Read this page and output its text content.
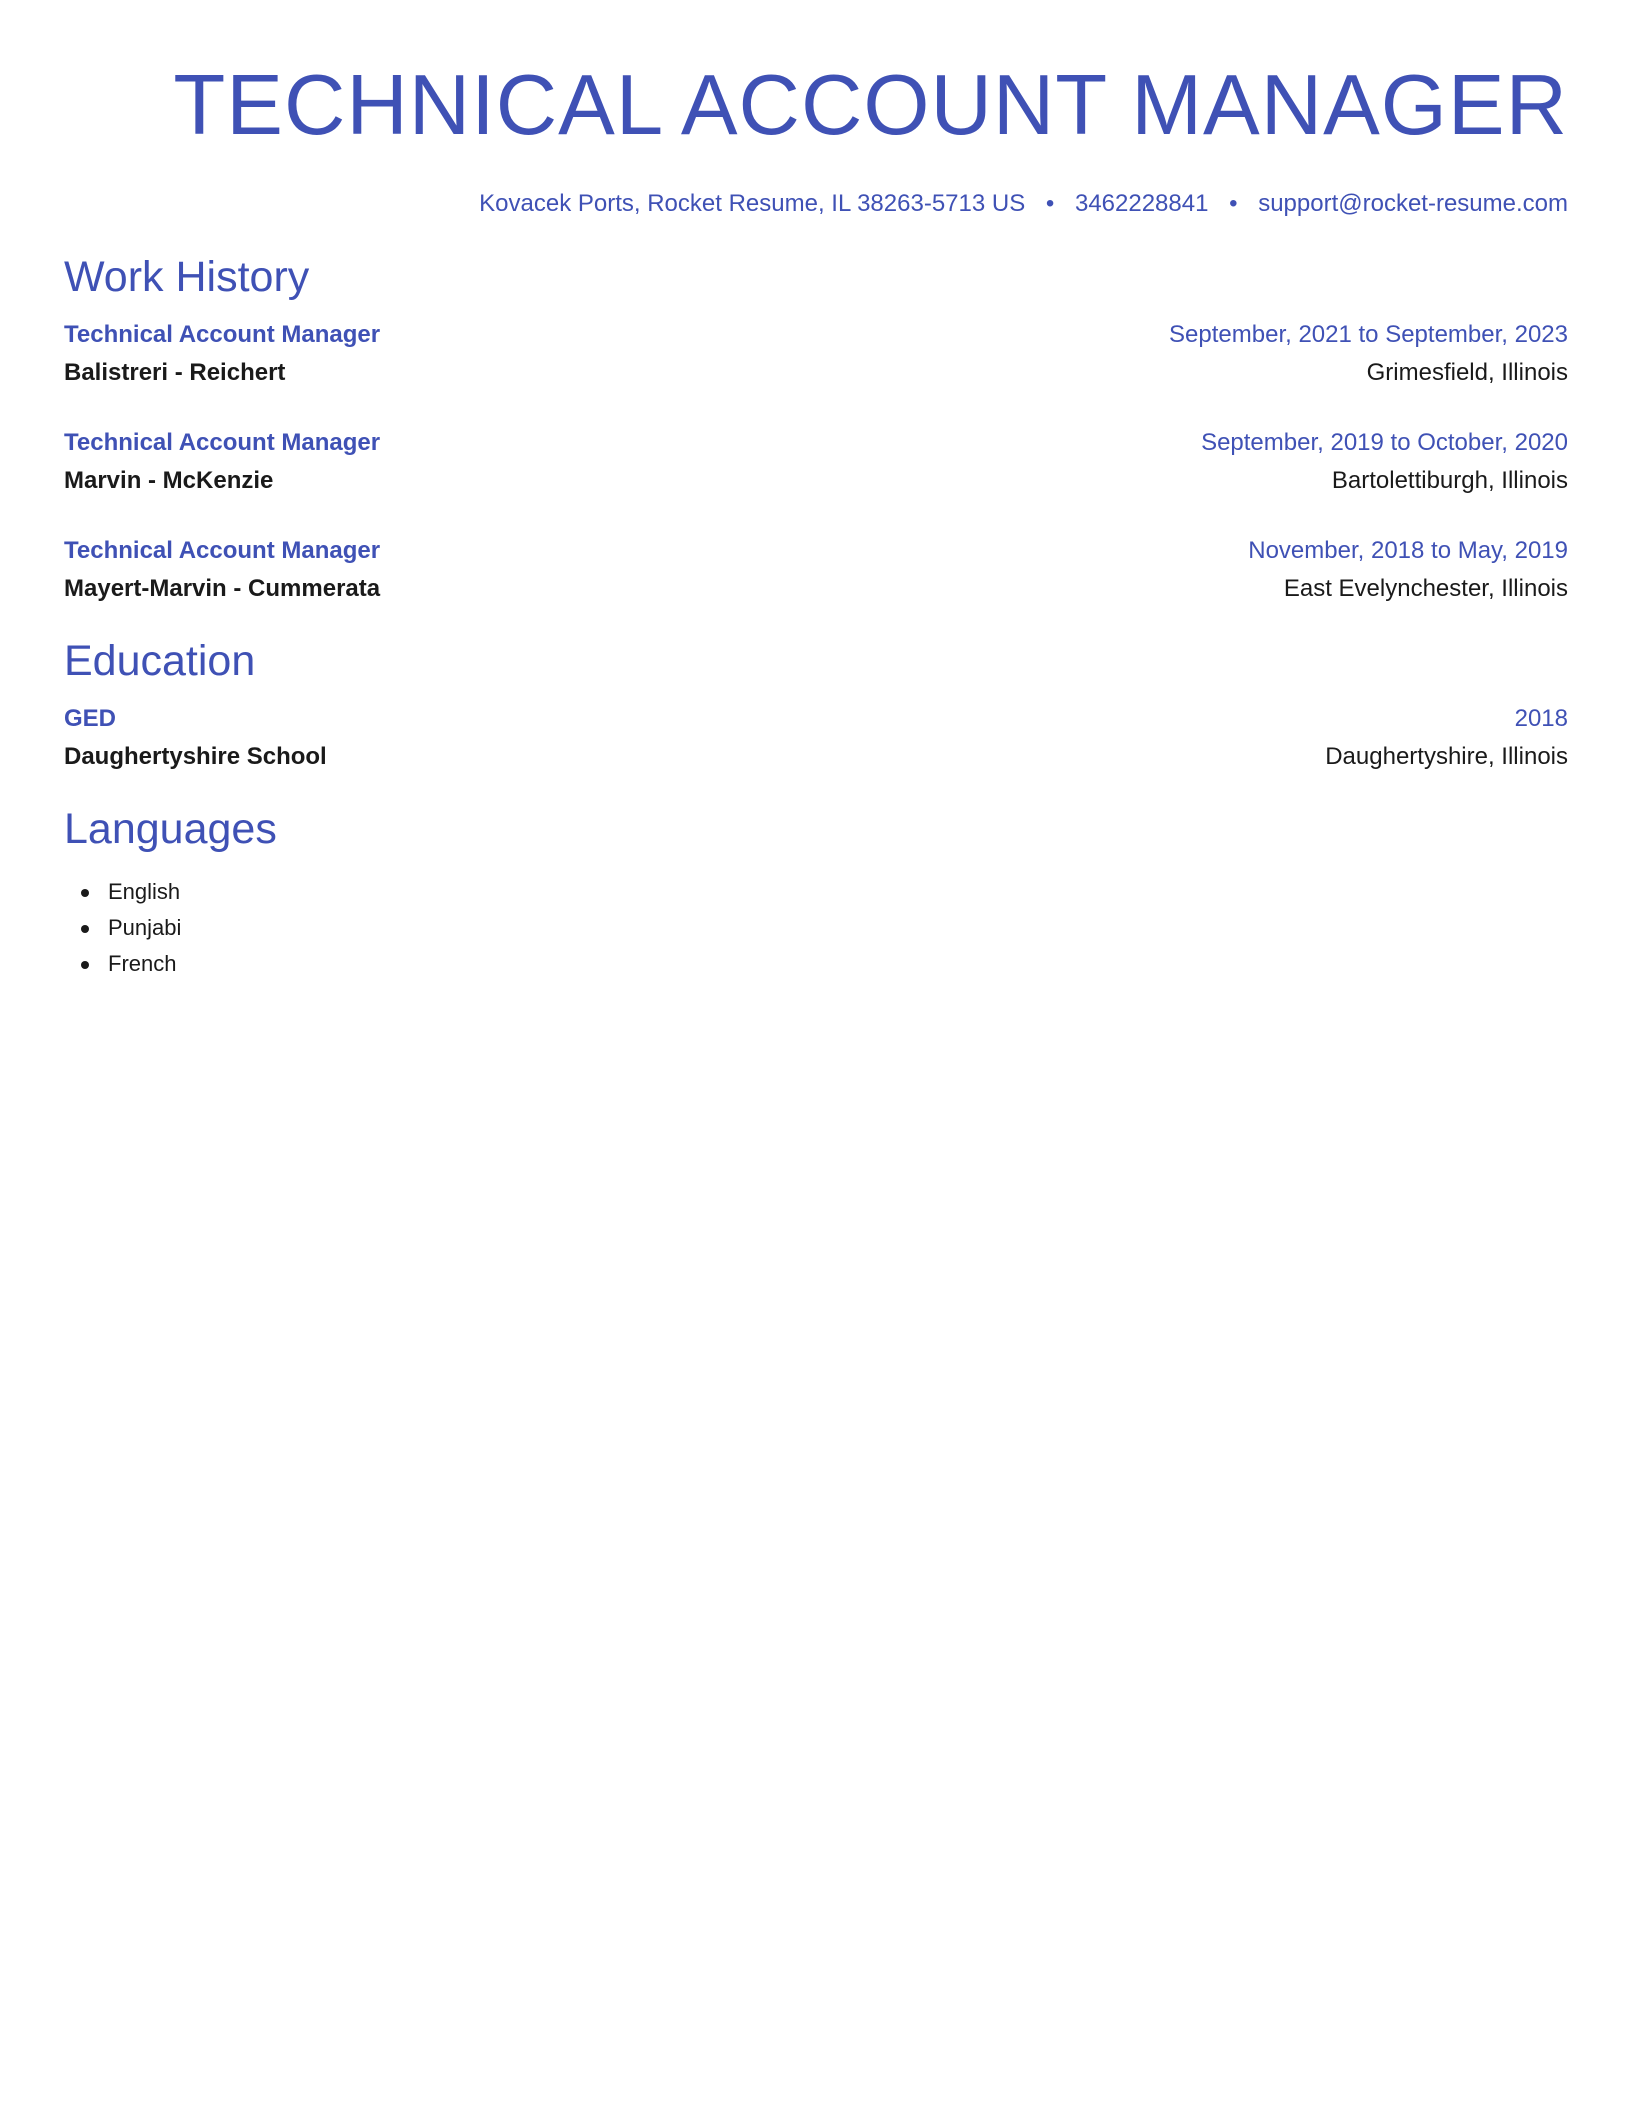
TECHNICAL ACCOUNT MANAGER
Kovacek Ports, Rocket Resume, IL 38263-5713 US • 3462228841 • support@rocket-resume.com
Work History
Technical Account Manager	September, 2021 to September, 2023
Balistreri - Reichert	Grimesfield, Illinois
Technical Account Manager	September, 2019 to October, 2020
Marvin - McKenzie	Bartolettiburgh, Illinois
Technical Account Manager	November, 2018 to May, 2019
Mayert-Marvin - Cummerata	East Evelynchester, Illinois
Education
GED	2018
Daughertyshire School	Daughertyshire, Illinois
Languages
English
Punjabi
French
